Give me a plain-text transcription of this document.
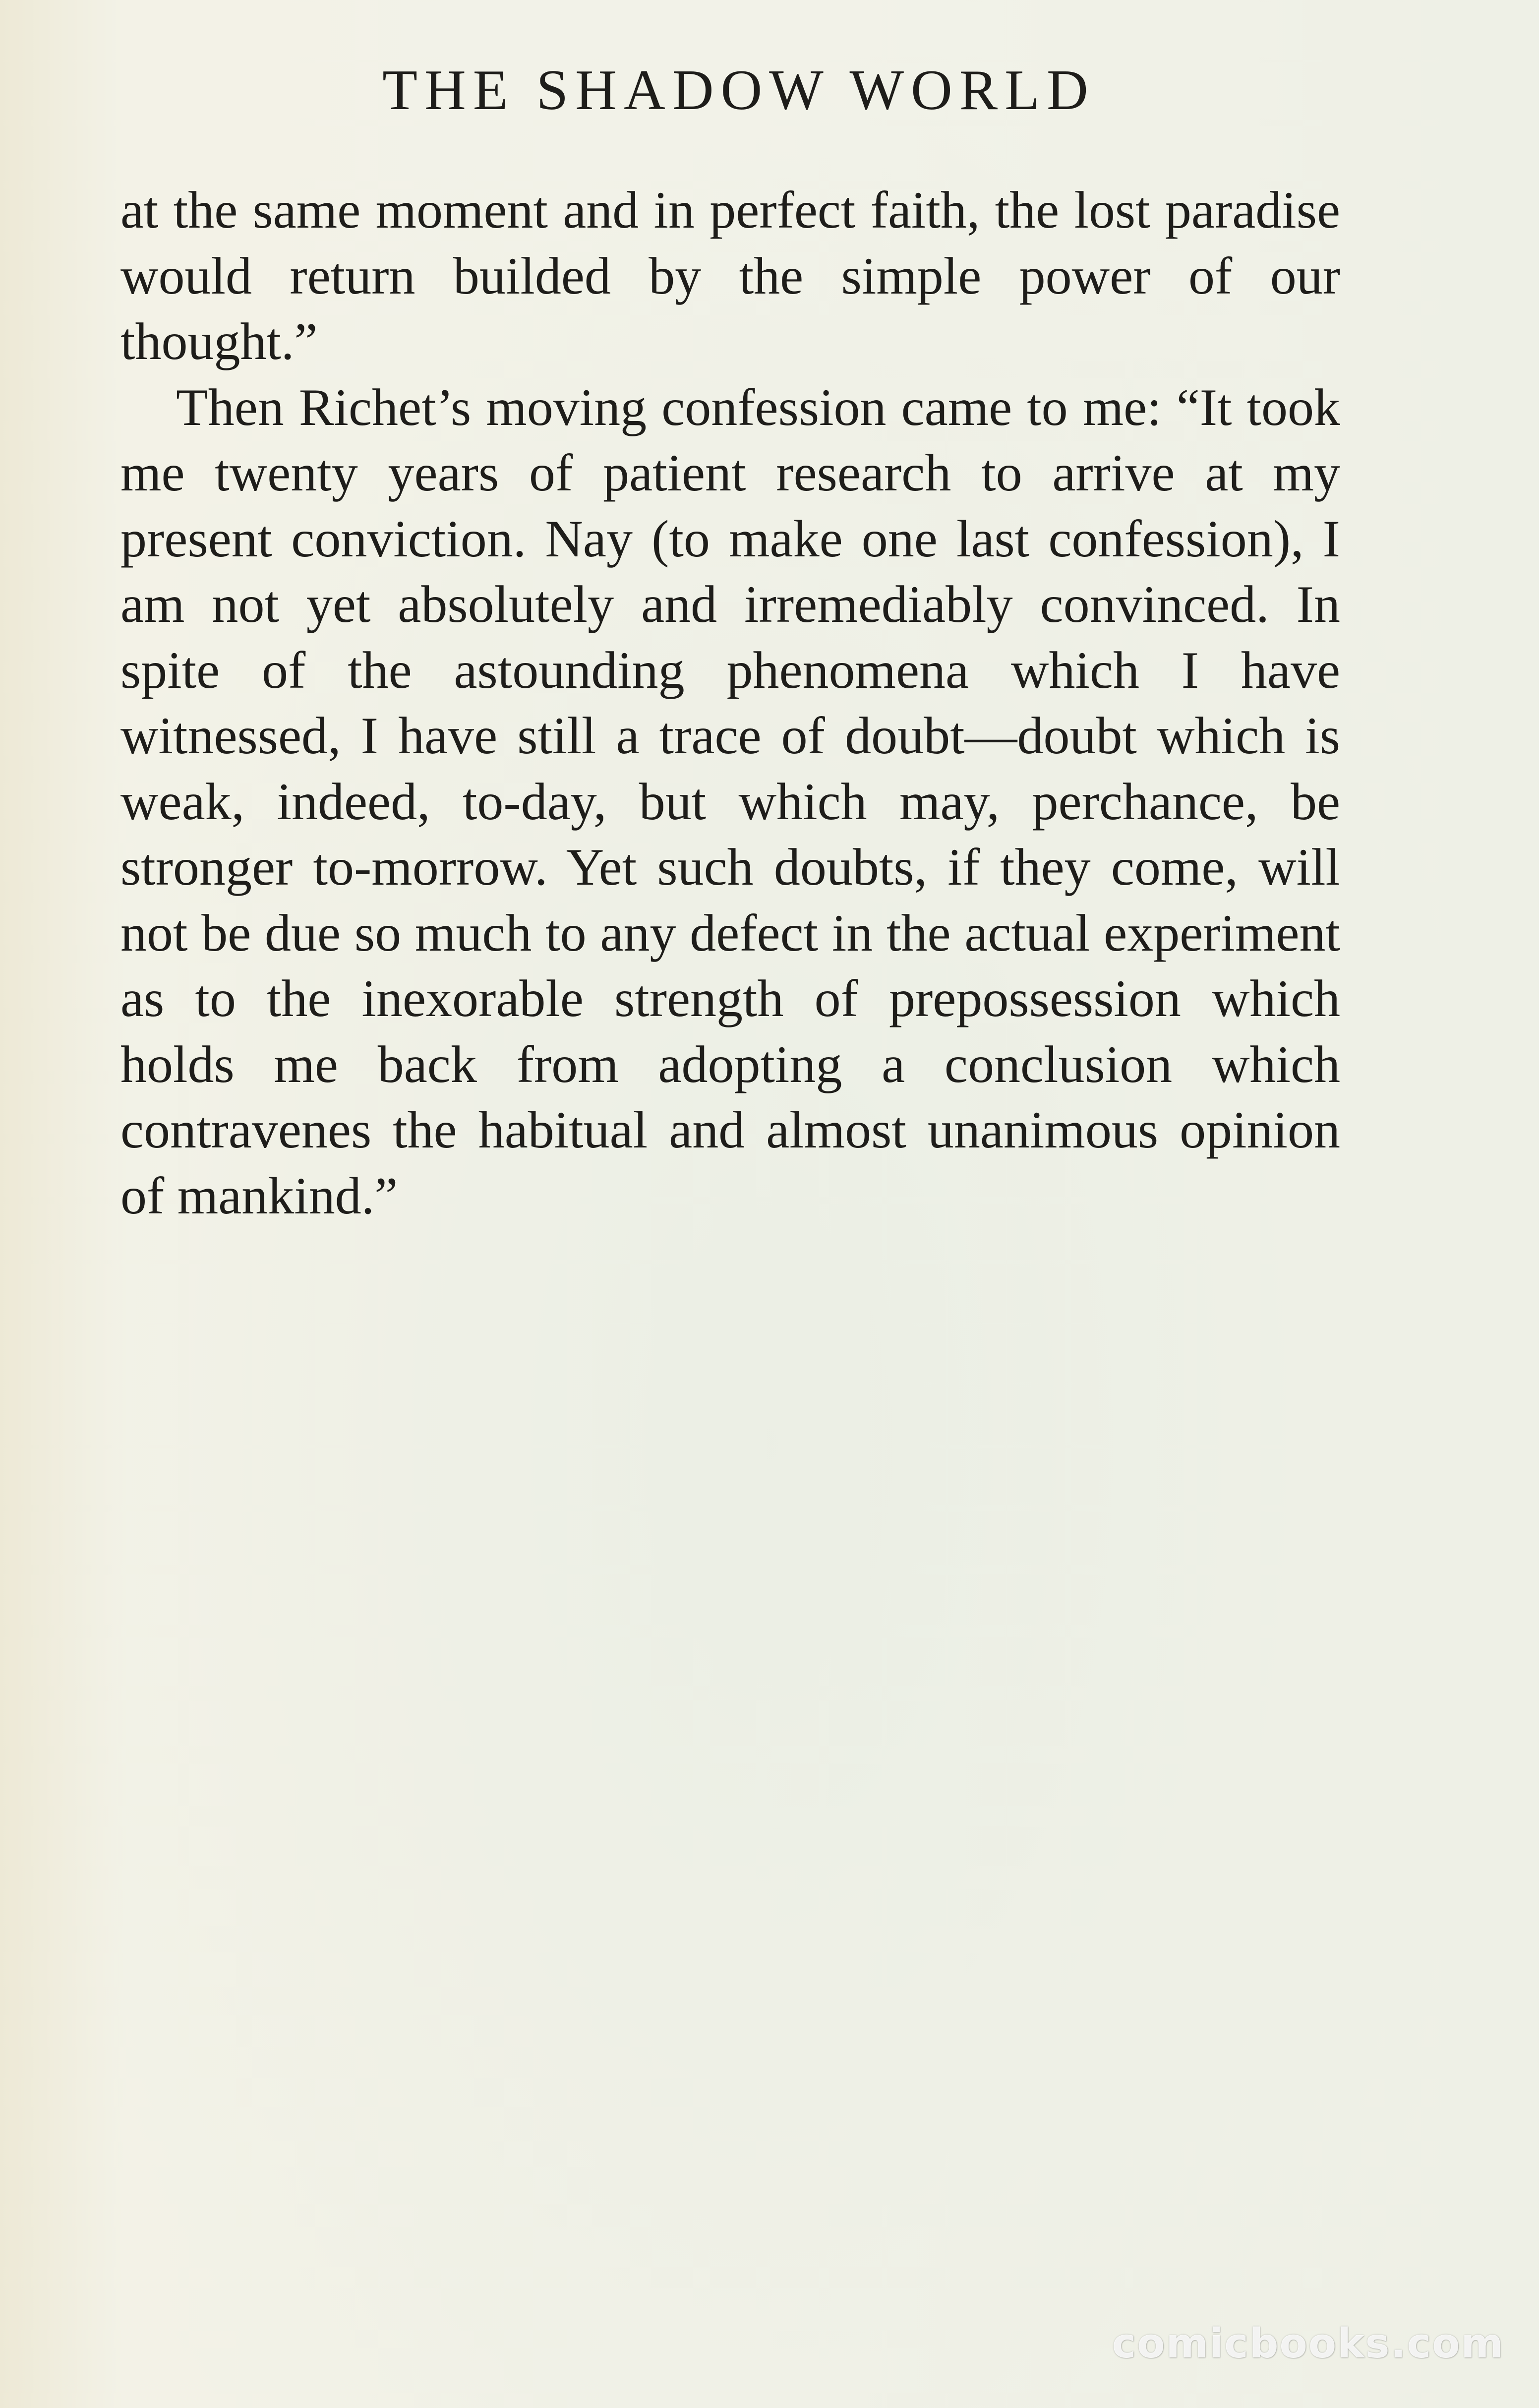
THE SHADOW WORLD

at the same moment and in perfect faith, the lost paradise would return builded by the simple power of our thought.”

Then Richet’s moving confession came to me: “It took me twenty years of patient research to arrive at my present conviction. Nay (to make one last confession), I am not yet absolutely and irremediably convinced. In spite of the astounding phenomena which I have witnessed, I have still a trace of doubt—doubt which is weak, indeed, to-day, but which may, perchance, be stronger to-morrow. Yet such doubts, if they come, will not be due so much to any defect in the actual experiment as to the inexorable strength of prepossession which holds me back from adopting a conclusion which contravenes the habitual and almost unanimous opinion of mankind.”

comicbooks.com
